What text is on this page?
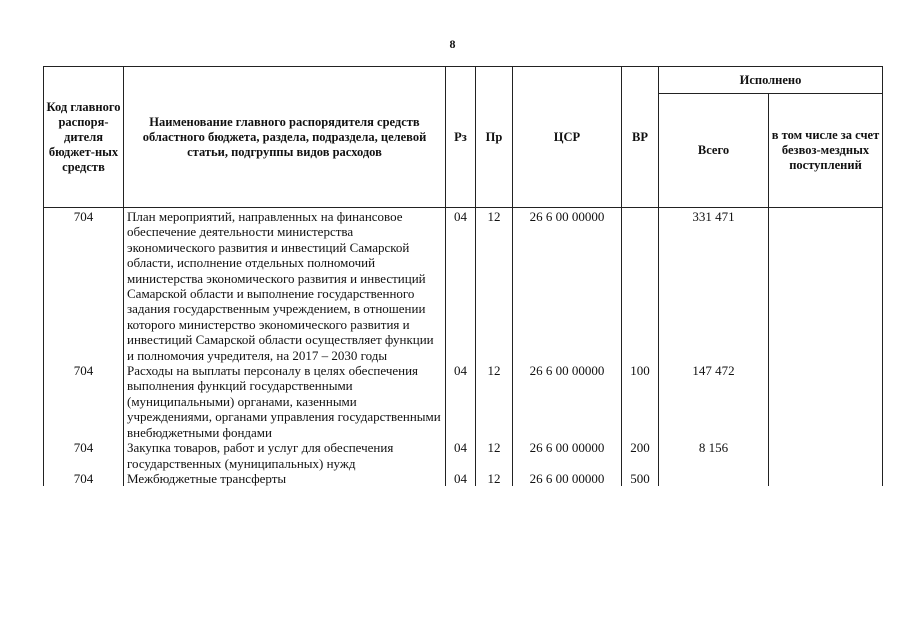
8
Код главного распоря-дителя бюджет-ных средств	Наименование главного распорядителя средств областного бюджета, раздела, подраздела, целевой статьи, подгруппы видов расходов	Рз	Пр	ЦСР	ВР	Исполнено	
						Всего	в том числе за счет безвоз-мездных поступлений
704	План мероприятий, направленных на финансовое обеспечение деятельности министерства экономического развития и инвестиций Самарской области, исполнение отдельных полномочий министерства экономического развития и инвестиций Самарской области и выполнение государственного задания государственным учреждением, в отношении которого министерство экономического развития и инвестиций Самарской области осуществляет функции и полномочия учредителя, на 2017 – 2030 годы	04	12	26 6 00 00000		331 471	
704	Расходы на выплаты персоналу в целях обеспечения выполнения функций государственными (муниципальными) органами, казенными учреждениями, органами управления государственными внебюджетными фондами	04	12	26 6 00 00000	100	147 472	
704	Закупка товаров, работ и услуг для обеспечения государственных (муниципальных) нужд	04	12	26 6 00 00000	200	8 156	
704	Межбюджетные трансферты	04	12	26 6 00 00000	500		
